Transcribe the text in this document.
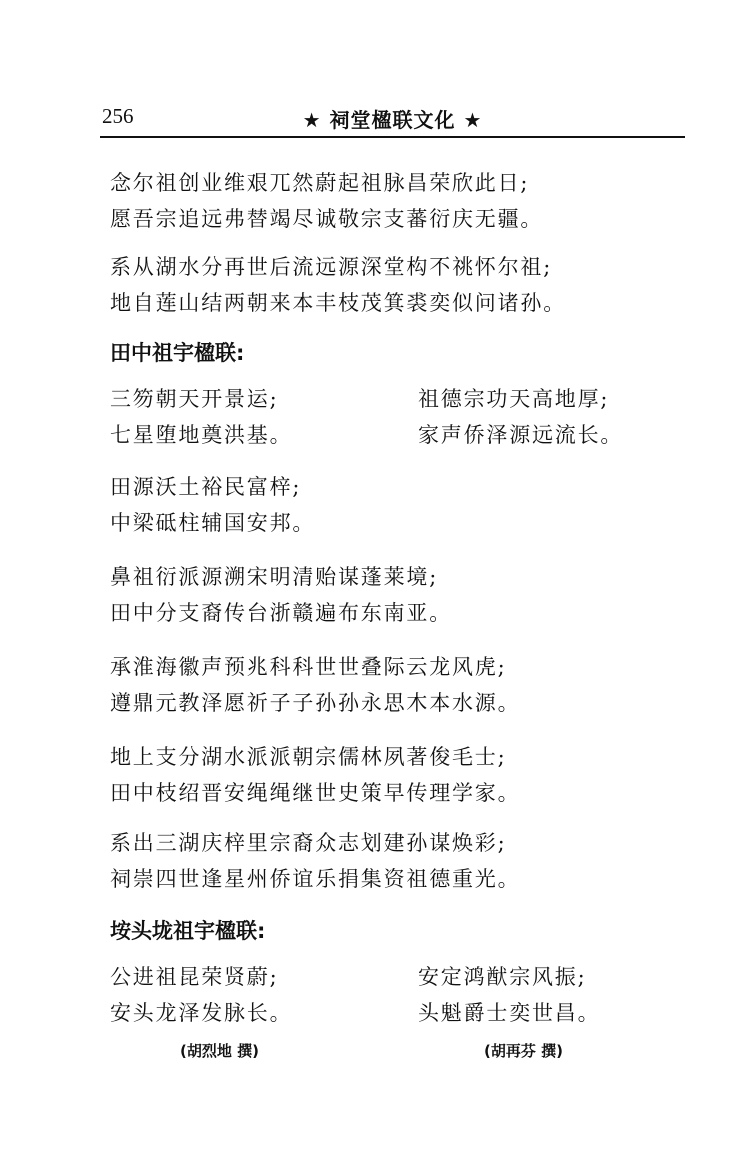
256	★ 祠堂楹联文化 ★
念尔祖创业维艰兀然蔚起祖脉昌荣欣此日;
愿吾宗追远弗替竭尽诚敬宗支蕃衍庆无疆。
系从湖水分再世后流远源深堂构不祧怀尔祖;
地自莲山结两朝来本丰枝茂箕裘奕似问诸孙。
田中祖宇楹联:
三笏朝天开景运;
七星堕地奠洪基。
祖德宗功天高地厚;
家声侨泽源远流长。
田源沃土裕民富梓;
中梁砥柱辅国安邦。
鼻祖衍派源溯宋明清贻谋蓬莱境;
田中分支裔传台浙赣遍布东南亚。
承淮海徽声预兆科科世世叠际云龙风虎;
遵鼎元教泽愿祈子子孙孙永思木本水源。
地上支分湖水派派朝宗儒林夙著俊毛士;
田中枝绍晋安绳绳继世史策早传理学家。
系出三湖庆梓里宗裔众志划建孙谋焕彩;
祠崇四世逢星州侨谊乐捐集资祖德重光。
垵头垅祖宇楹联:
公进祖昆荣贤蔚;
安头龙泽发脉长。
安定鸿猷宗风振;
头魁爵士奕世昌。
(胡烈地 撰)	(胡再芬 撰)
